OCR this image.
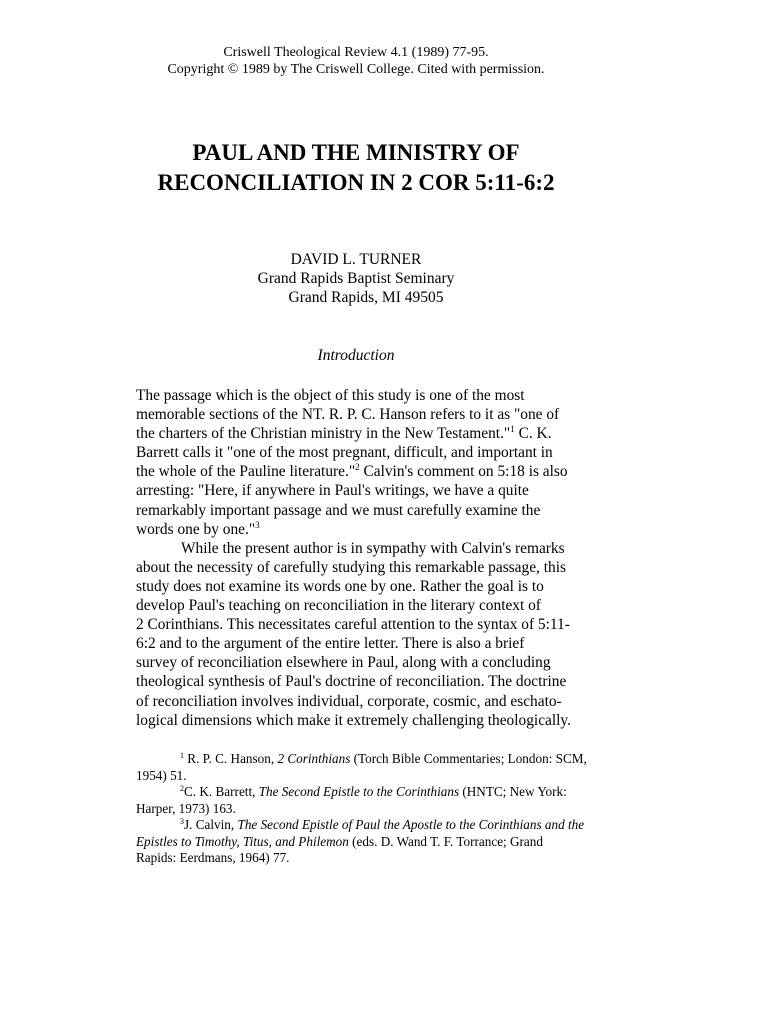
Criswell Theological Review 4.1 (1989) 77-95.
Copyright © 1989 by The Criswell College. Cited with permission.
PAUL AND THE MINISTRY OF
RECONCILIATION IN 2 COR 5:11-6:2
DAVID L. TURNER
Grand Rapids Baptist Seminary
Grand Rapids, MI 49505
Introduction
The passage which is the object of this study is one of the most
memorable sections of the NT. R. P. C. Hanson refers to it as "one of
the charters of the Christian ministry in the New Testament."$^1$ C. K.
Barrett calls it "one of the most pregnant, difficult, and important in
the whole of the Pauline literature."$^2$ Calvin's comment on 5:18 is also
arresting: "Here, if anywhere in Paul's writings, we have a quite
remarkably important passage and we must carefully examine the
words one by one."$^3$
While the present author is in sympathy with Calvin's remarks
about the necessity of carefully studying this remarkable passage, this
study does not examine its words one by one. Rather the goal is to
develop Paul's teaching on reconciliation in the literary context of
2 Corinthians. This necessitates careful attention to the syntax of 5:11-
6:2 and to the argument of the entire letter. There is also a brief
survey of reconciliation elsewhere in Paul, along with a concluding
theological synthesis of Paul's doctrine of reconciliation. The doctrine
of reconciliation involves individual, corporate, cosmic, and eschato-
logical dimensions which make it extremely challenging theologically.
$^1$ R. P. C. Hanson, 2 Corinthians (Torch Bible Commentaries; London: SCM,
1954) 51.
$^2$C. K. Barrett, The Second Epistle to the Corinthians (HNTC; New York:
Harper, 1973) 163.
$^3$J. Calvin, The Second Epistle of Paul the Apostle to the Corinthians and the
Epistles to Timothy, Titus, and Philemon (eds. D. Wand T. F. Torrance; Grand
Rapids: Eerdmans, 1964) 77.
